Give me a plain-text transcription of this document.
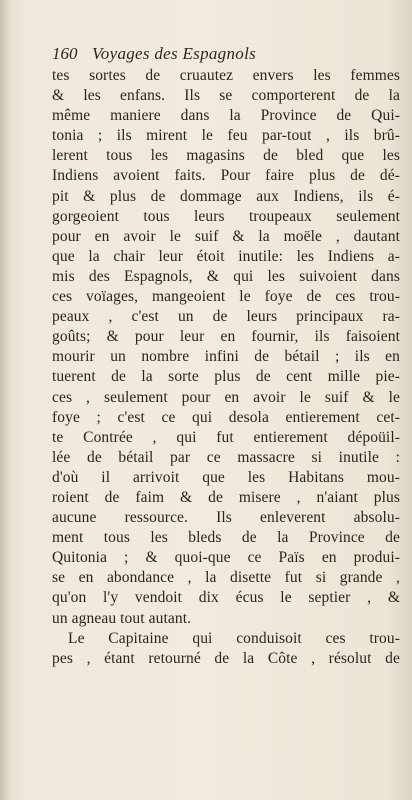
160 Voyages des Espagnols
tes sortes de cruautez envers les femmes
& les enfans. Ils se comporterent de la
même maniere dans la Province de Qui-
tonia ; ils mirent le feu par-tout , ils brû-
lerent tous les magasins de bled que les
Indiens avoient faits. Pour faire plus de dé-
pit & plus de dommage aux Indiens, ils é-
gorgeoient tous leurs troupeaux seulement
pour en avoir le suif & la moële , dautant
que la chair leur étoit inutile: les Indiens a-
mis des Espagnols, & qui les suivoient dans
ces voïages, mangeoient le foye de ces trou-
peaux , c'est un de leurs principaux ra-
goûts; & pour leur en fournir, ils faisoient
mourir un nombre infini de bétail ; ils en
tuerent de la sorte plus de cent mille pie-
ces , seulement pour en avoir le suif & le
foye ; c'est ce qui desola entierement cet-
te Contrée , qui fut entierement dépoüil-
lée de bétail par ce massacre si inutile :
d'où il arrivoit que les Habitans mou-
roient de faim & de misere , n'aiant plus
aucune ressource. Ils enleverent absolu-
ment tous les bleds de la Province de
Quitonia ; & quoi-que ce Païs en produi-
se en abondance , la disette fut si grande ,
qu'on l'y vendoit dix écus le septier , &
un agneau tout autant.
Le Capitaine qui conduisoit ces trou-
pes , étant retourné de la Côte , résolut de
